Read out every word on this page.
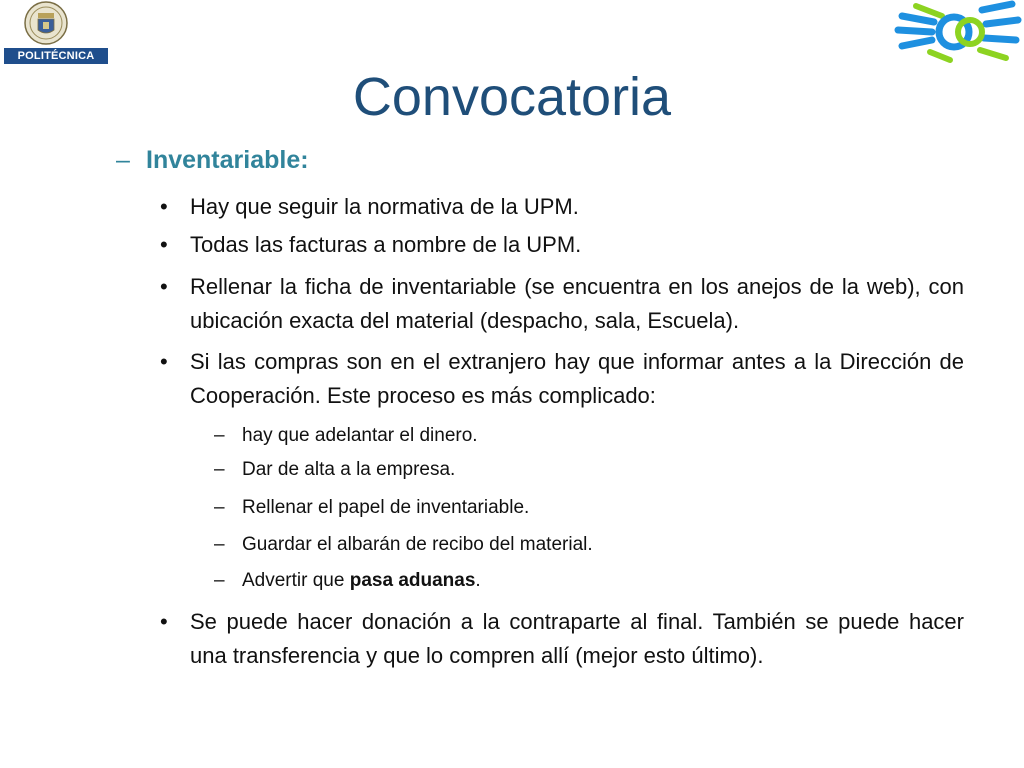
POLITÉCNICA
Convocatoria
– Inventariable:
•	Hay que seguir la normativa de la UPM.
•	Todas las facturas a nombre de la UPM.
•	Rellenar la ficha de inventariable (se encuentra en los anejos de la web), con ubicación exacta del material (despacho, sala, Escuela).
•	Si las compras son en el extranjero hay que informar antes a la Dirección de Cooperación. Este proceso es más complicado:
– hay que adelantar el dinero.
– Dar de alta a la empresa.
– Rellenar el papel de inventariable.
– Guardar el albarán de recibo del material.
– Advertir que pasa aduanas.
•	Se puede hacer donación a la contraparte al final. También se puede hacer una transferencia y que lo compren allí (mejor esto último).
